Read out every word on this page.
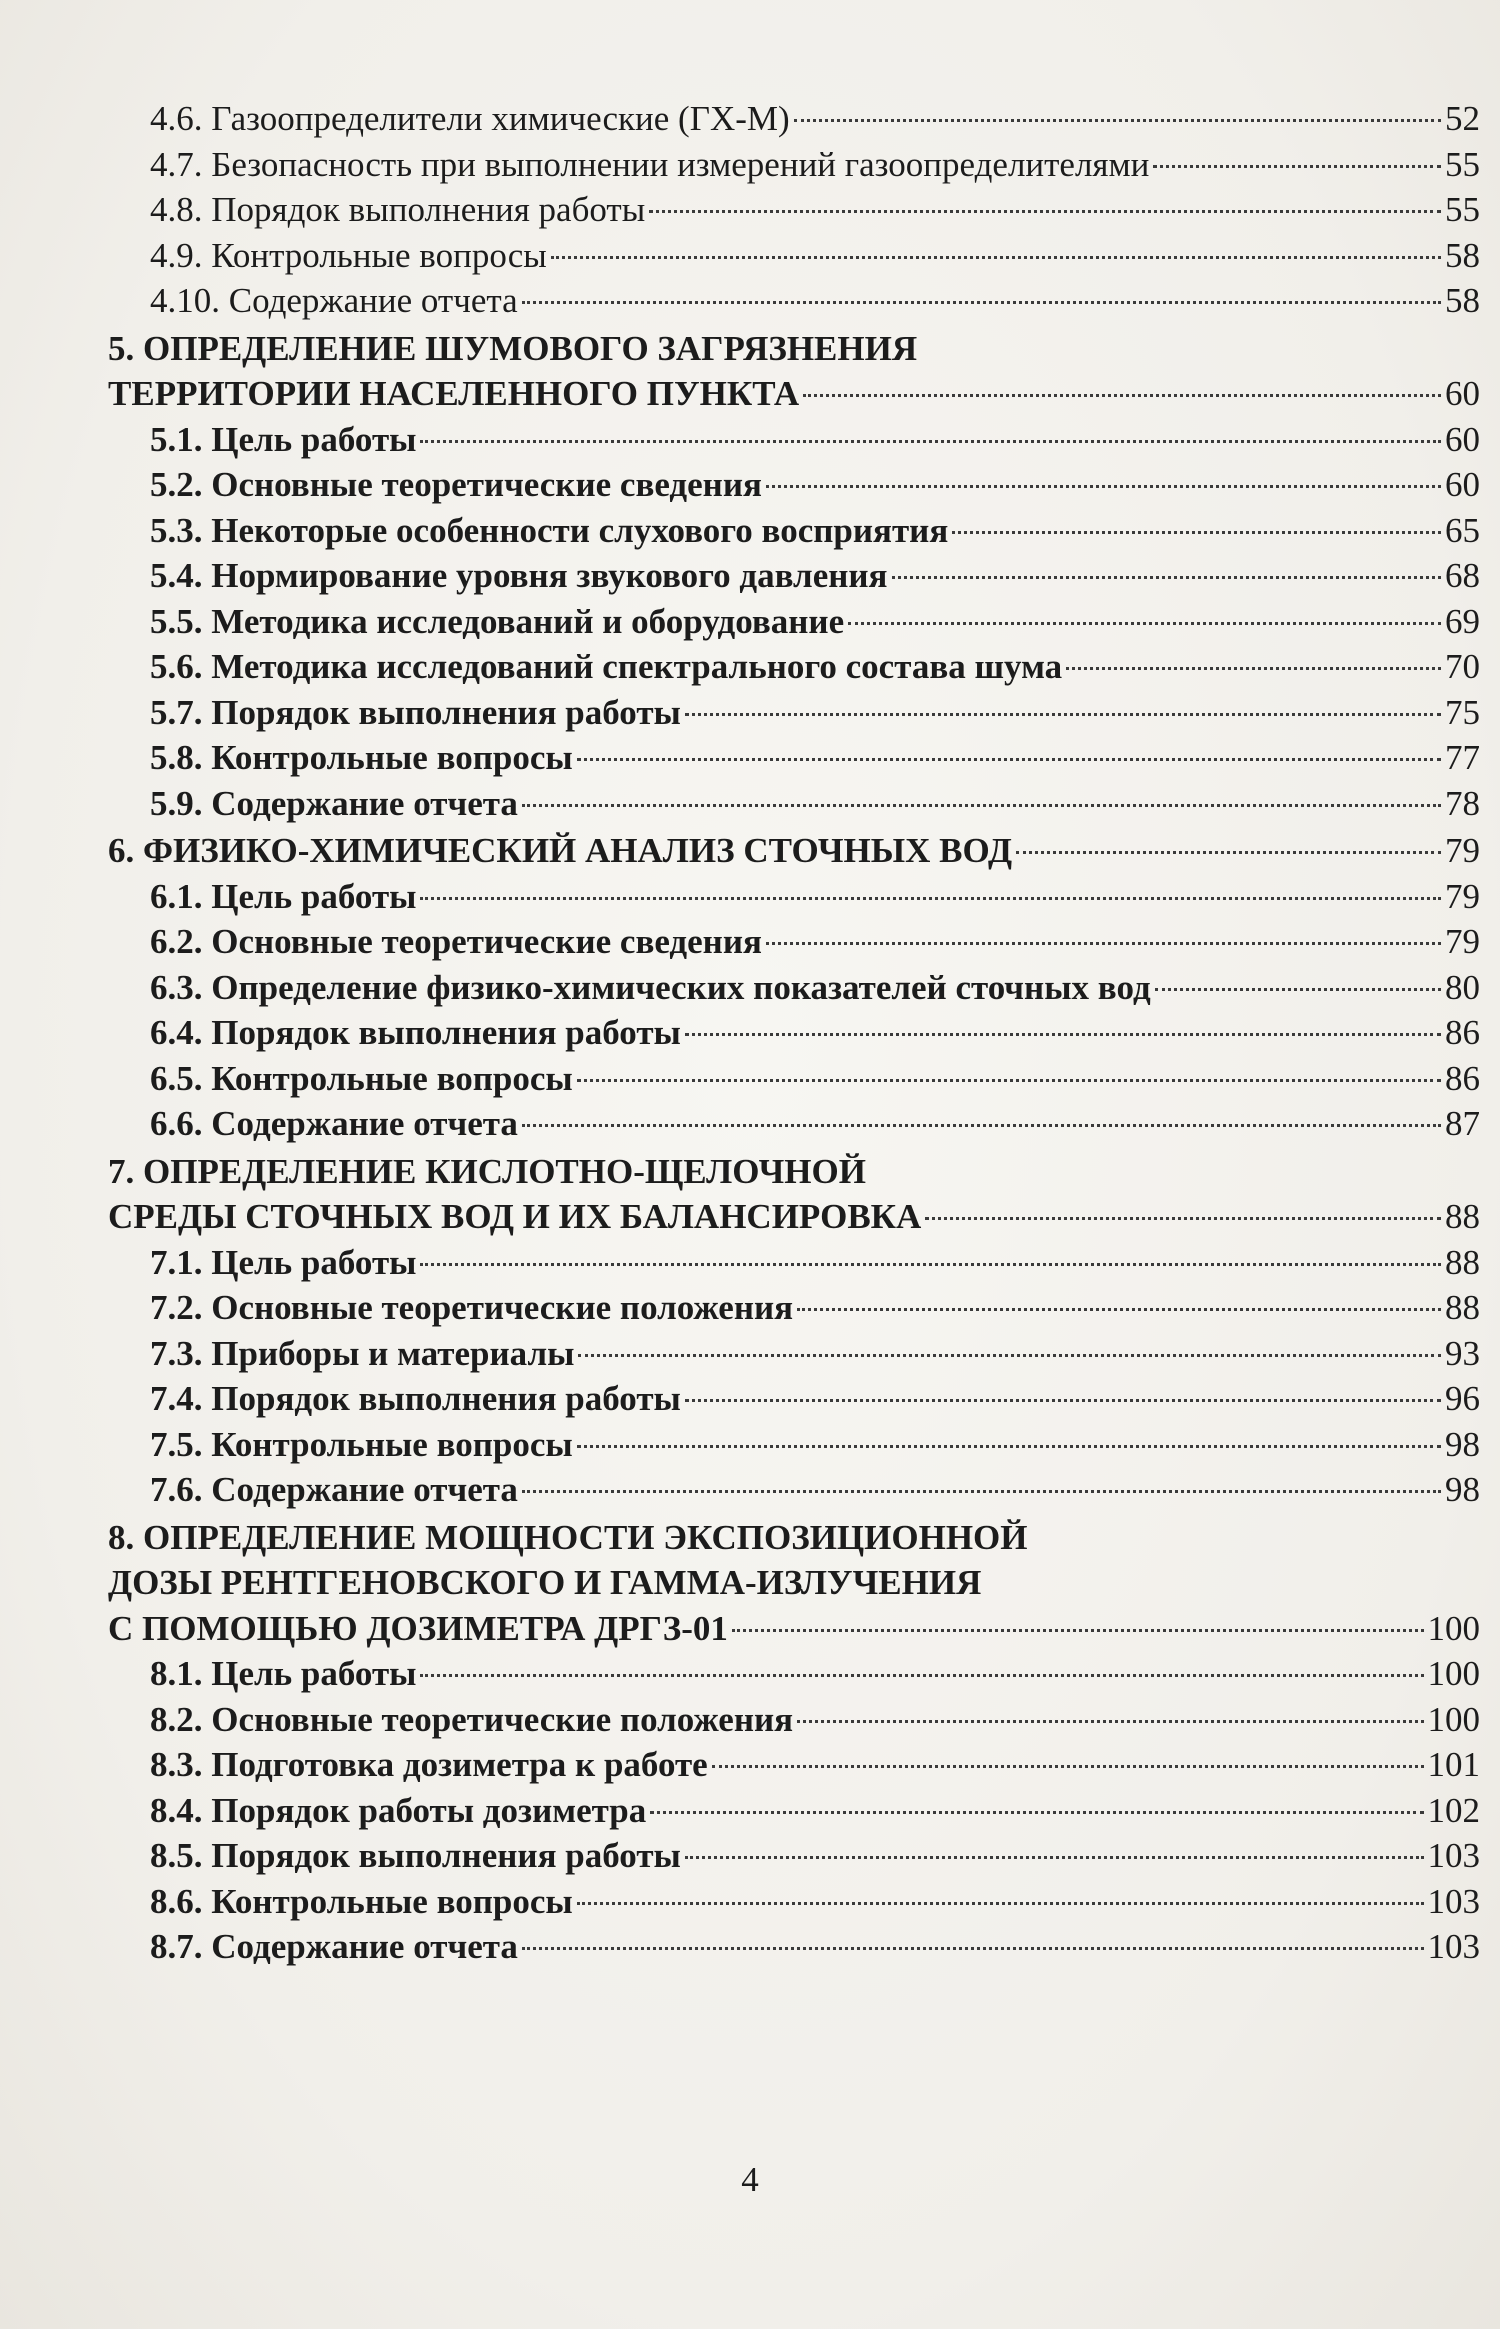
4.6. Газоопределители химические (ГХ-М)	52
4.7. Безопасность при выполнении измерений газоопределителями	55
4.8. Порядок выполнения работы	55
4.9. Контрольные вопросы	58
4.10. Содержание отчета	58
5. ОПРЕДЕЛЕНИЕ ШУМОВОГО ЗАГРЯЗНЕНИЯ
ТЕРРИТОРИИ НАСЕЛЕННОГО ПУНКТА	60
5.1. Цель работы	60
5.2. Основные теоретические сведения	60
5.3. Некоторые особенности слухового восприятия	65
5.4. Нормирование уровня звукового давления	68
5.5. Методика исследований и оборудование	69
5.6. Методика исследований спектрального состава шума	70
5.7. Порядок выполнения работы	75
5.8. Контрольные вопросы	77
5.9. Содержание отчета	78
6. ФИЗИКО-ХИМИЧЕСКИЙ АНАЛИЗ СТОЧНЫХ ВОД	79
6.1. Цель работы	79
6.2. Основные теоретические сведения	79
6.3. Определение физико-химических показателей сточных вод	80
6.4. Порядок выполнения работы	86
6.5. Контрольные вопросы	86
6.6. Содержание отчета	87
7. ОПРЕДЕЛЕНИЕ КИСЛОТНО-ЩЕЛОЧНОЙ
СРЕДЫ СТОЧНЫХ ВОД И ИХ БАЛАНСИРОВКА	88
7.1. Цель работы	88
7.2. Основные теоретические положения	88
7.3. Приборы и материалы	93
7.4. Порядок выполнения работы	96
7.5. Контрольные вопросы	98
7.6. Содержание отчета	98
8. ОПРЕДЕЛЕНИЕ МОЩНОСТИ ЭКСПОЗИЦИОННОЙ
ДОЗЫ РЕНТГЕНОВСКОГО И ГАММА-ИЗЛУЧЕНИЯ
С ПОМОЩЬЮ ДОЗИМЕТРА ДРГЗ-01	100
8.1. Цель работы	100
8.2. Основные теоретические положения	100
8.3. Подготовка дозиметра к работе	101
8.4. Порядок работы дозиметра	102
8.5. Порядок выполнения работы	103
8.6. Контрольные вопросы	103
8.7. Содержание отчета	103
4
